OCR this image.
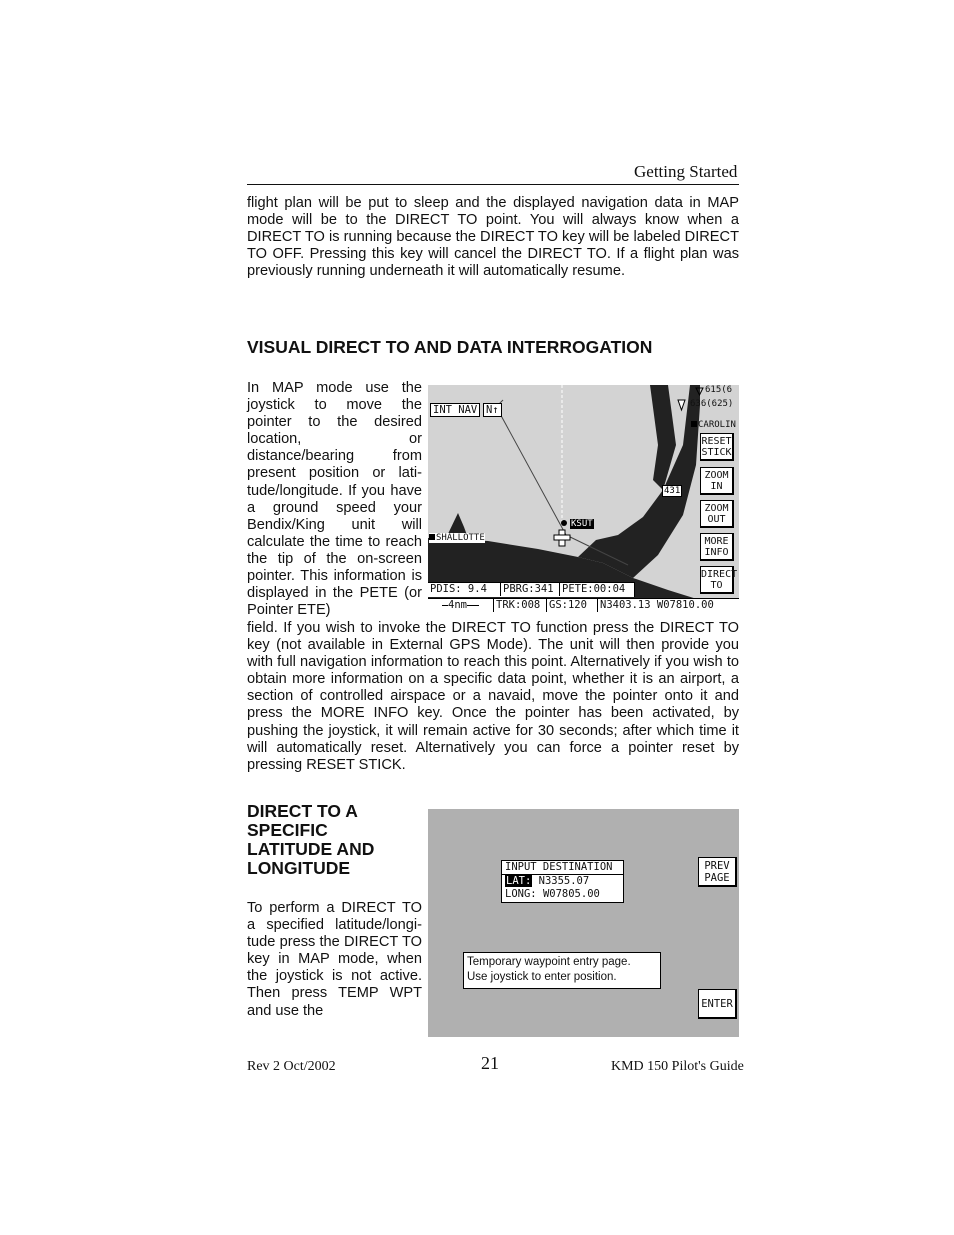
Getting Started

flight plan will be put to sleep and the displayed navigation data in MAP mode will be to the DIRECT TO point. You will always know when a DIRECT TO is running because the DIRECT TO key will be labeled DIRECT TO OFF. Pressing this key will cancel the DIRECT TO. If a flight plan was previously running underneath it will automatically resume.

VISUAL DIRECT TO AND DATA INTERROGATION

In MAP mode use the joystick to move the pointer to the desired location, or distance/bearing from present position or latitude/longitude. If you have a ground speed your Bendix/King unit will calculate the time to reach the tip of the on-screen pointer. This information is displayed in the PETE (or Pointer ETE)

INT NAV N↑
615(6
636(625)
CAROLIN
431
KSUT
SHALLOTTE
RESET
STICK
ZOOM
IN
ZOOM
OUT
MORE
INFO
DIRECT
TO
PDIS: 9.4	PBRG:341 PETE:00:04
4nm	TRK:008 GS:120	N3403.13 W07810.00

field. If you wish to invoke the DIRECT TO function press the DIRECT TO key (not available in External GPS Mode). The unit will then provide you with full navigation information to reach this point. Alternatively if you wish to obtain more information on a specific data point, whether it is an airport, a section of controlled airspace or a navaid, move the pointer onto it and press the MORE INFO key. Once the pointer has been activated, by pushing the joystick, it will remain active for 30 seconds; after which time it will automatically reset. Alternatively you can force a pointer reset by pressing RESET STICK.

DIRECT TO A SPECIFIC LATITUDE AND LONGITUDE

To perform a DIRECT TO a specified latitude/longitude press the DIRECT TO key in MAP mode, when the joystick is not active. Then press TEMP WPT and use the

INPUT DESTINATION
LAT: N3355.07
LONG: W07805.00
Temporary waypoint entry page.
Use joystick to enter position.
PREV
PAGE
ENTER
Rev 2 Oct/2002	21	KMD 150 Pilot's Guide
